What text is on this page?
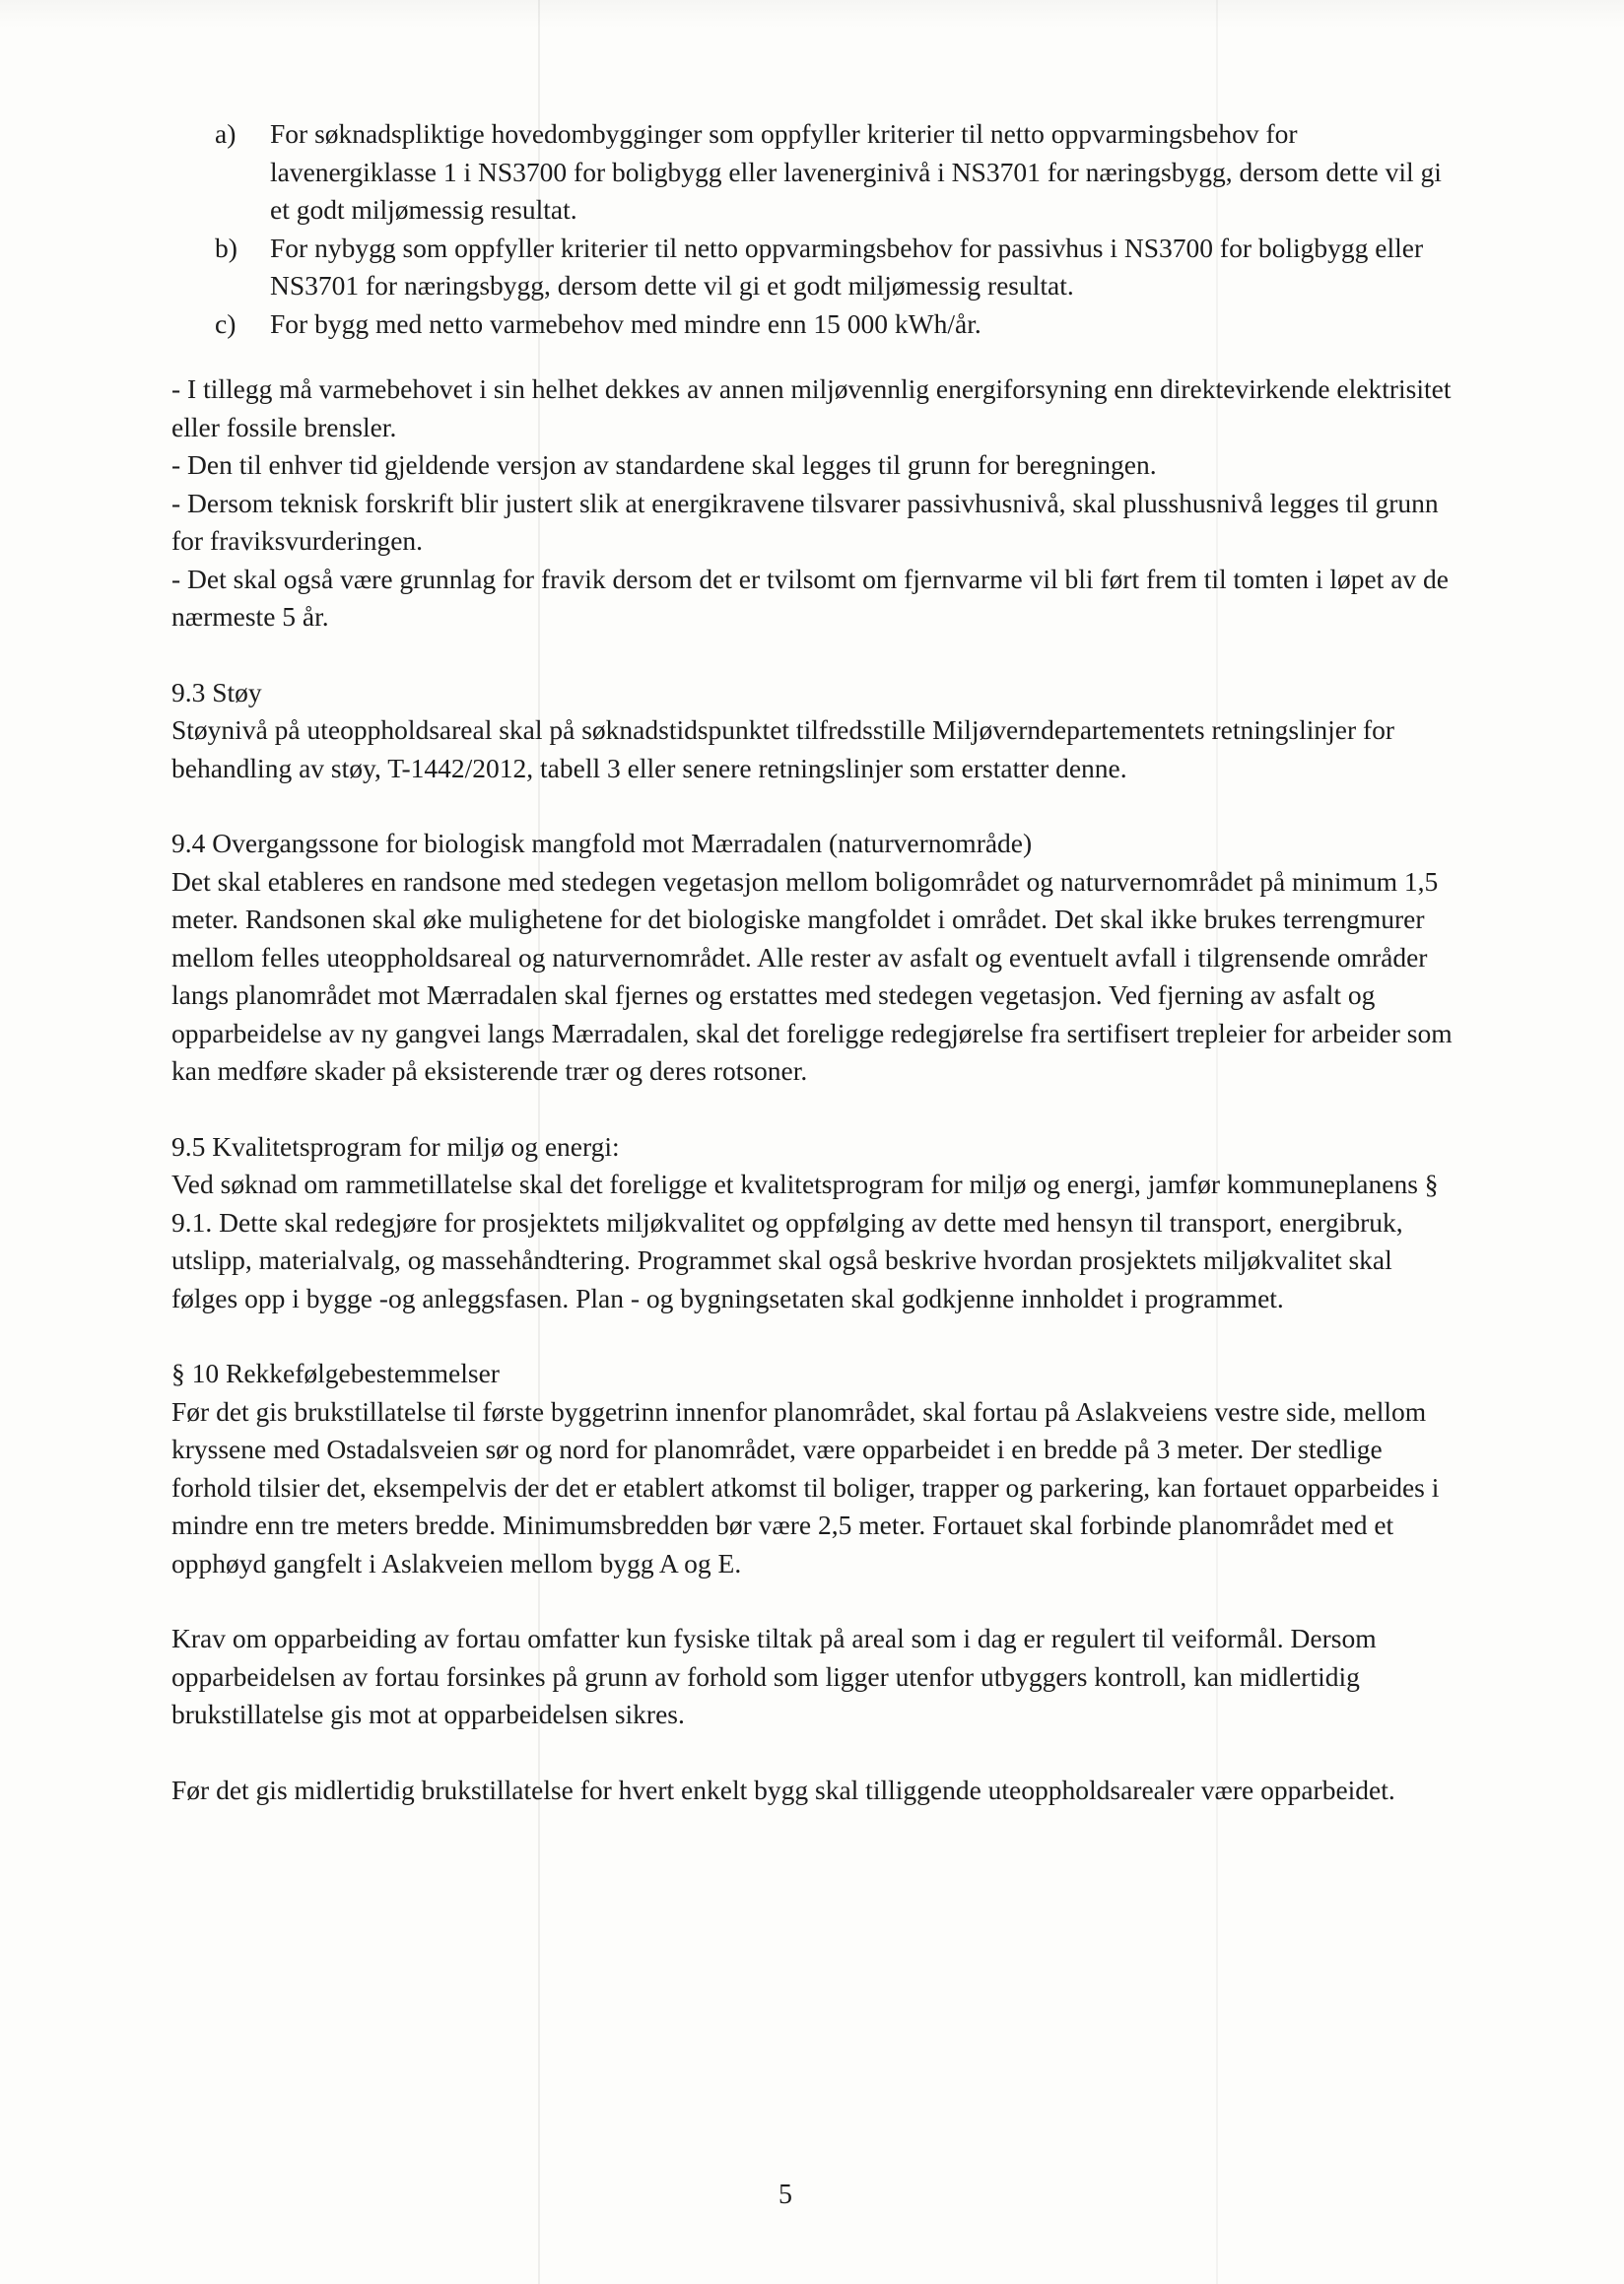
a) For søknadspliktige hovedombygginger som oppfyller kriterier til netto oppvarmingsbehov for lavenergiklasse 1 i NS3700 for boligbygg eller lavenerginivå i NS3701 for næringsbygg, dersom dette vil gi et godt miljømessig resultat.
b) For nybygg som oppfyller kriterier til netto oppvarmingsbehov for passivhus i NS3700 for boligbygg eller NS3701 for næringsbygg, dersom dette vil gi et godt miljømessig resultat.
c) For bygg med netto varmebehov med mindre enn 15 000 kWh/år.

- I tillegg må varmebehovet i sin helhet dekkes av annen miljøvennlig energiforsyning enn direktevirkende elektrisitet eller fossile brensler.

- Den til enhver tid gjeldende versjon av standardene skal legges til grunn for beregningen.

- Dersom teknisk forskrift blir justert slik at energikravene tilsvarer passivhusnivå, skal plusshusnivå legges til grunn for fraviksvurderingen.

- Det skal også være grunnlag for fravik dersom det er tvilsomt om fjernvarme vil bli ført frem til tomten i løpet av de nærmeste 5 år.

9.3 Støy

Støynivå på uteoppholdsareal skal på søknadstidspunktet tilfredsstille Miljøverndepartementets retningslinjer for behandling av støy, T-1442/2012, tabell 3 eller senere retningslinjer som erstatter denne.

9.4 Overgangssone for biologisk mangfold mot Mærradalen (naturvernområde)

Det skal etableres en randsone med stedegen vegetasjon mellom boligområdet og naturvernområdet på minimum 1,5 meter. Randsonen skal øke mulighetene for det biologiske mangfoldet i området. Det skal ikke brukes terrengmurer mellom felles uteoppholdsareal og naturvernområdet. Alle rester av asfalt og eventuelt avfall i tilgrensende områder langs planområdet mot Mærradalen skal fjernes og erstattes med stedegen vegetasjon. Ved fjerning av asfalt og opparbeidelse av ny gangvei langs Mærradalen, skal det foreligge redegjørelse fra sertifisert trepleier for arbeider som kan medføre skader på eksisterende trær og deres rotsoner.

9.5 Kvalitetsprogram for miljø og energi:

Ved søknad om rammetillatelse skal det foreligge et kvalitetsprogram for miljø og energi, jamfør kommuneplanens § 9.1. Dette skal redegjøre for prosjektets miljøkvalitet og oppfølging av dette med hensyn til transport, energibruk, utslipp, materialvalg, og massehåndtering. Programmet skal også beskrive hvordan prosjektets miljøkvalitet skal følges opp i bygge -og anleggsfasen. Plan - og bygningsetaten skal godkjenne innholdet i programmet.

§ 10 Rekkefølgebestemmelser

Før det gis brukstillatelse til første byggetrinn innenfor planområdet, skal fortau på Aslakveiens vestre side, mellom kryssene med Ostadalsveien sør og nord for planområdet, være opparbeidet i en bredde på 3 meter. Der stedlige forhold tilsier det, eksempelvis der det er etablert atkomst til boliger, trapper og parkering, kan fortauet opparbeides i mindre enn tre meters bredde. Minimumsbredden bør være 2,5 meter. Fortauet skal forbinde planområdet med et opphøyd gangfelt i Aslakveien mellom bygg A og E.

Krav om opparbeiding av fortau omfatter kun fysiske tiltak på areal som i dag er regulert til veiformål. Dersom opparbeidelsen av fortau forsinkes på grunn av forhold som ligger utenfor utbyggers kontroll, kan midlertidig brukstillatelse gis mot at opparbeidelsen sikres.

Før det gis midlertidig brukstillatelse for hvert enkelt bygg skal tilliggende uteoppholdsarealer være opparbeidet.

5
